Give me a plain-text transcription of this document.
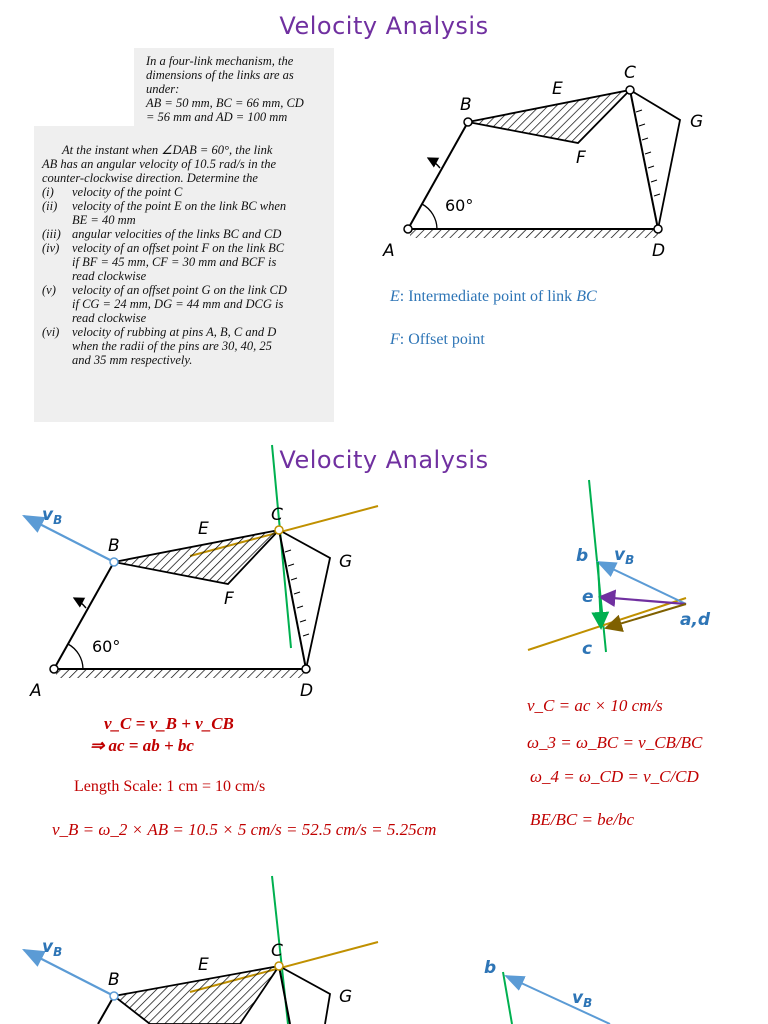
Velocity Analysis
In a four-link mechanism, the
dimensions of the links are as
under:
AB = 50 mm, BC = 66 mm, CD
= 56 mm and AD = 100 mm
At the instant when ∠DAB = 60°, the link
AB has an angular velocity of 10.5 rad/s in the
counter-clockwise direction. Determine the
(i)	velocity of the point C
(ii)	velocity of the point E on the link BC when
BE = 40 mm
(iii) angular velocities of the links BC and CD
(iv)	velocity of an offset point F on the link BC
if BF = 45 mm, CF = 30 mm and BCF is
read clockwise
(v)	velocity of an offset point G on the link CD
if CG = 24 mm, DG = 44 mm and DCG is
read clockwise
(vi)	velocity of rubbing at pins A, B, C and D
when the radii of the pins are 30, 40, 25
and 35 mm respectively.
60°
A
B
C
D
E
F
G
E: Intermediate point of link BC
F: Offset point
Velocity Analysis
60°
A
B
C
D
E
F
G
$v_B$
b $v_B$
e
a,d
c
v_C = v_B + v_CB
⇒ ac = ab + bc
Length Scale: 1 cm = 10 cm/s
v_B = ω_2 × AB = 10.5 × 5 cm/s = 52.5 cm/s = 5.25cm
v_C = ac × 10 cm/s
ω_3 = ω_BC = v_CB/BC
ω_4 = ω_CD = v_C/CD
BE/BC = be/bc
B
C
E
G
$v_B$
b
$v_B$
